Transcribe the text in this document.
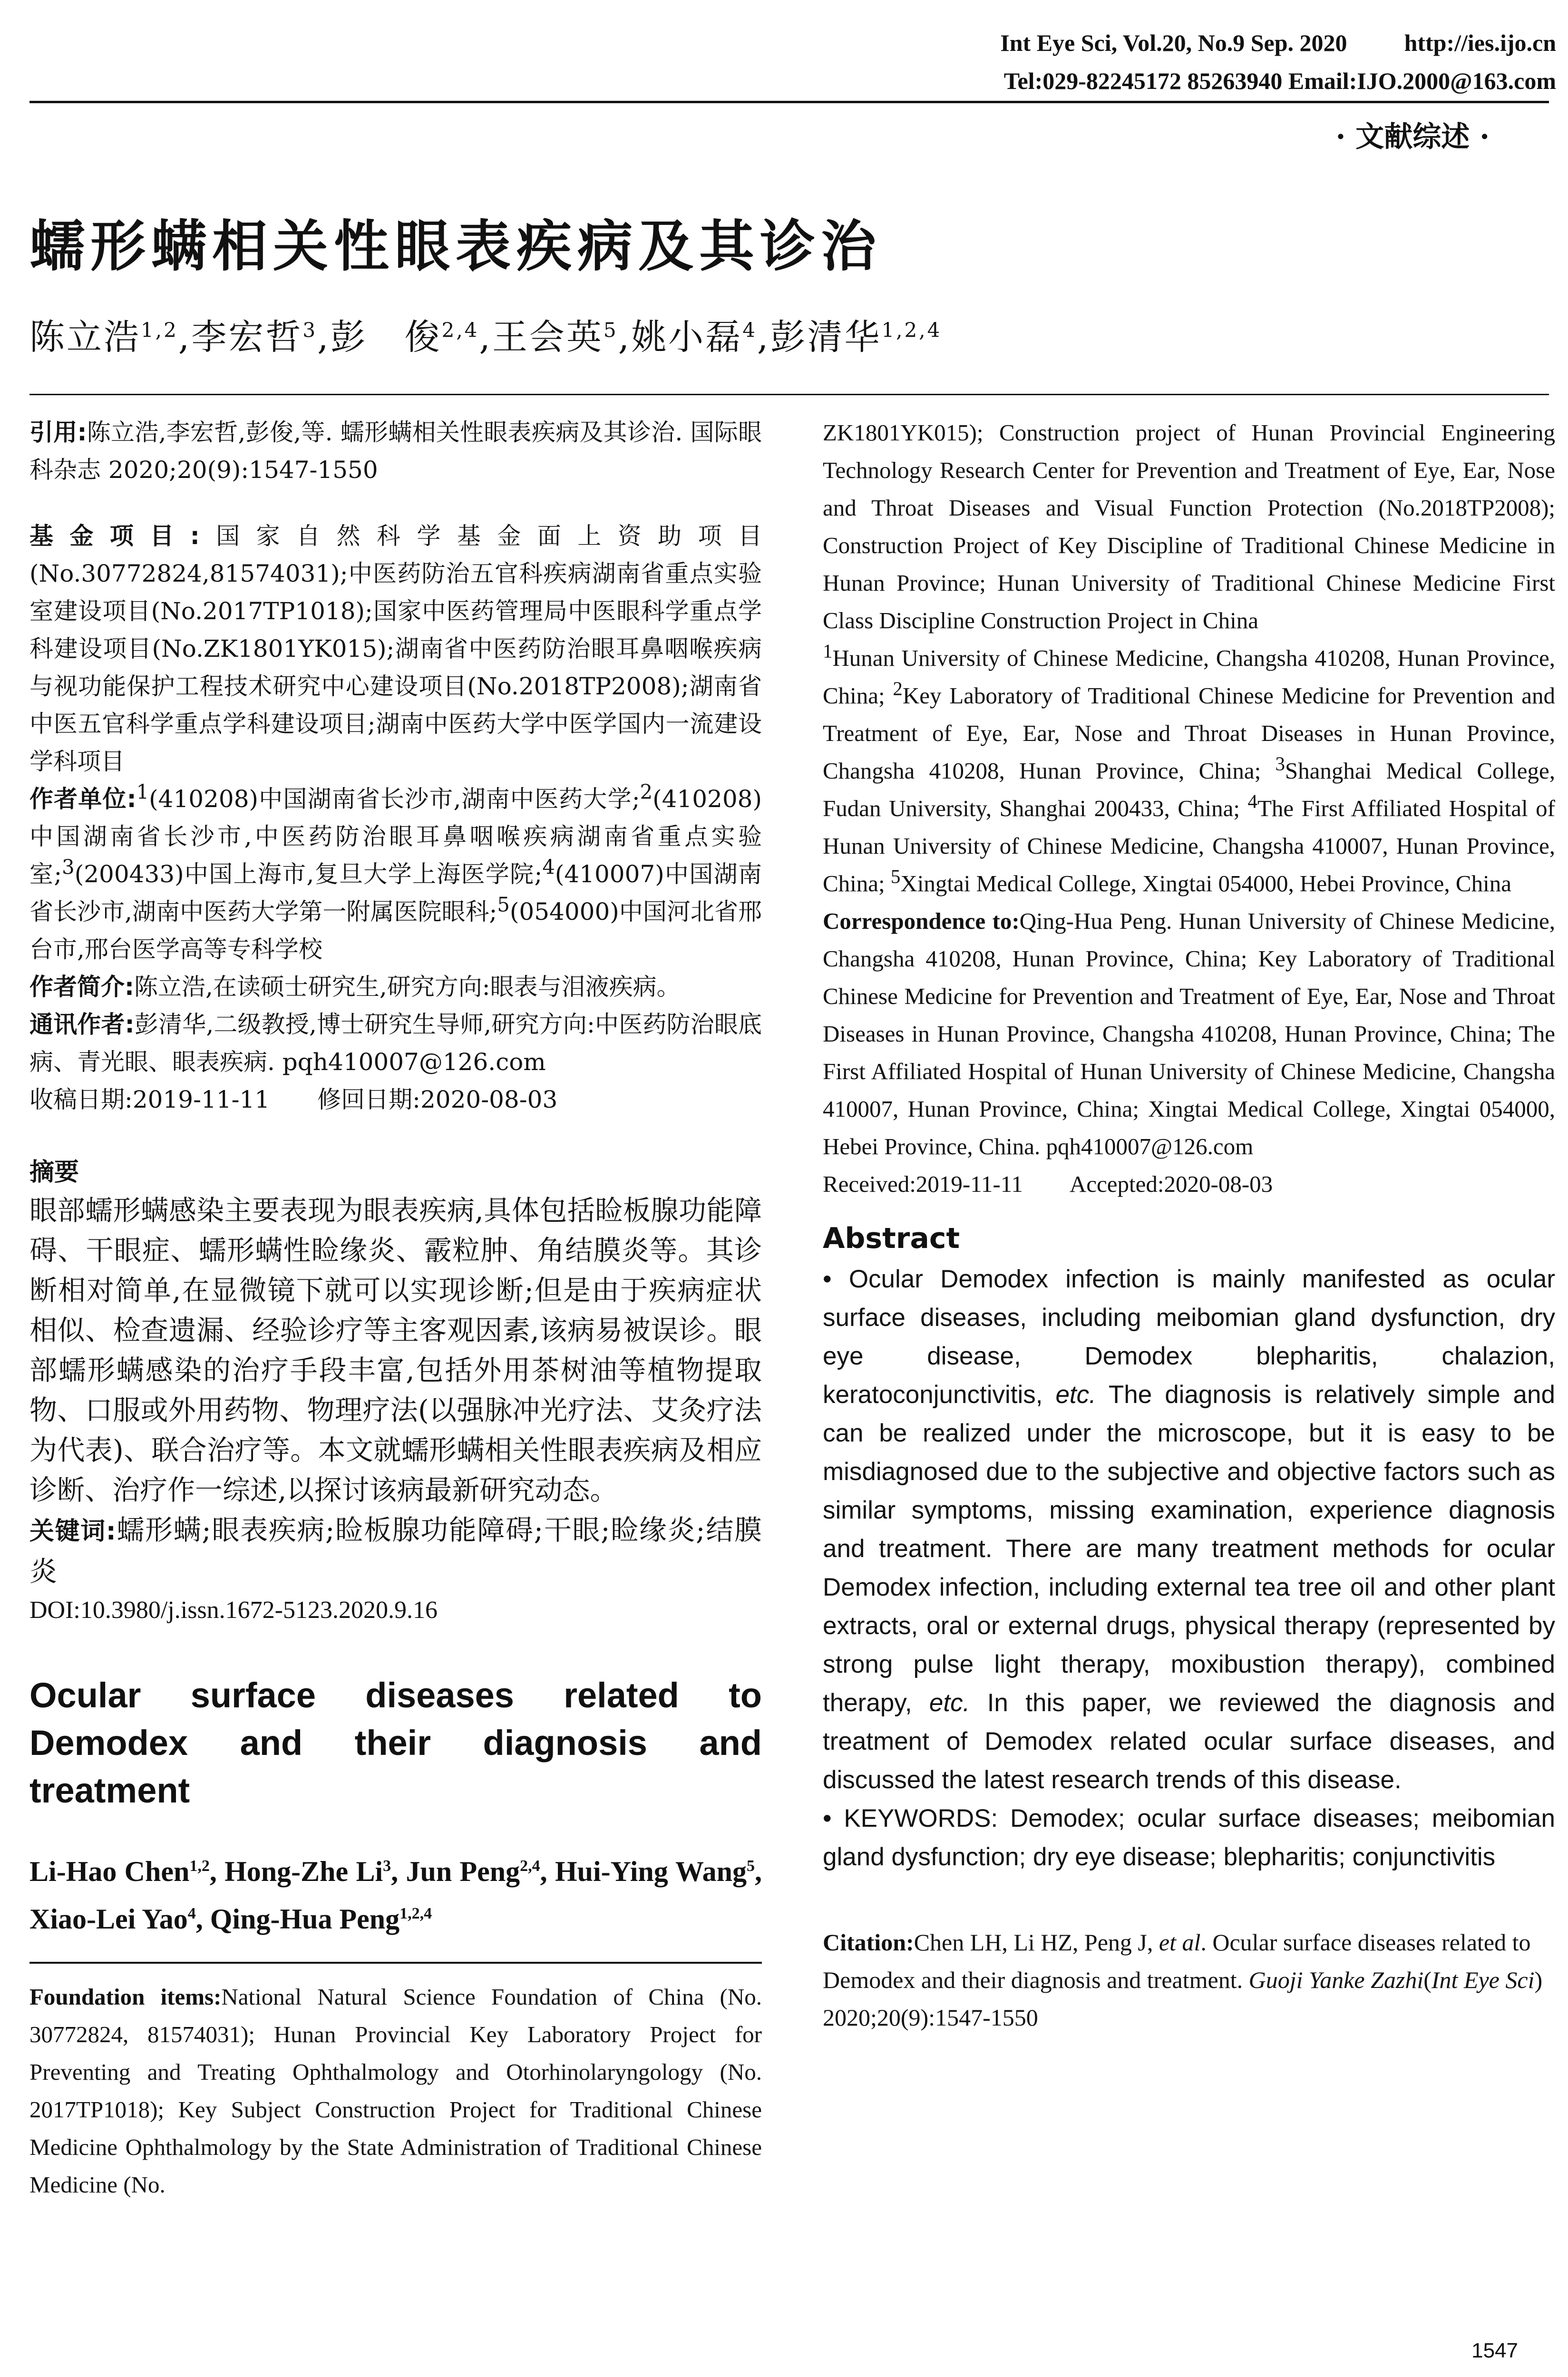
Int Eye Sci, Vol.20, No.9 Sep. 2020 http://ies.ijo.cn
Tel:029-82245172 85263940 Email:IJO.2000@163.com
· 文献综述 ·
蠕形螨相关性眼表疾病及其诊治
陈立浩$^{1,2}$,李宏哲$^3$,彭　俊$^{2,4}$,王会英$^5$,姚小磊$^4$,彭清华$^{1,2,4}$

引用:陈立浩,李宏哲,彭俊,等. 蠕形螨相关性眼表疾病及其诊治. 国际眼科杂志 2020;20(9):1547-1550

基金项目:国家自然科学基金面上资助项目(No.30772824,81574031);中医药防治五官科疾病湖南省重点实验室建设项目(No.2017TP1018);国家中医药管理局中医眼科学重点学科建设项目(No.ZK1801YK015);湖南省中医药防治眼耳鼻咽喉疾病与视功能保护工程技术研究中心建设项目(No.2018TP2008);湖南省中医五官科学重点学科建设项目;湖南中医药大学中医学国内一流建设学科项目

作者单位:$^1$(410208)中国湖南省长沙市,湖南中医药大学;$^2$(410208)中国湖南省长沙市,中医药防治眼耳鼻咽喉疾病湖南省重点实验室;$^3$(200433)中国上海市,复旦大学上海医学院;$^4$(410007)中国湖南省长沙市,湖南中医药大学第一附属医院眼科;$^5$(054000)中国河北省邢台市,邢台医学高等专科学校

作者简介:陈立浩,在读硕士研究生,研究方向:眼表与泪液疾病。

通讯作者:彭清华,二级教授,博士研究生导师,研究方向:中医药防治眼底病、青光眼、眼表疾病. pqh410007@126.com

收稿日期:2019-11-11　　修回日期:2020-08-03

摘要

眼部蠕形螨感染主要表现为眼表疾病,具体包括睑板腺功能障碍、干眼症、蠕形螨性睑缘炎、霰粒肿、角结膜炎等。其诊断相对简单,在显微镜下就可以实现诊断;但是由于疾病症状相似、检查遗漏、经验诊疗等主客观因素,该病易被误诊。眼部蠕形螨感染的治疗手段丰富,包括外用茶树油等植物提取物、口服或外用药物、物理疗法(以强脉冲光疗法、艾灸疗法为代表)、联合治疗等。本文就蠕形螨相关性眼表疾病及相应诊断、治疗作一综述,以探讨该病最新研究动态。

关键词:蠕形螨;眼表疾病;睑板腺功能障碍;干眼;睑缘炎;结膜炎

DOI:10.3980/j.issn.1672-5123.2020.9.16

Ocular surface diseases related to Demodex and their diagnosis and treatment

Li-Hao Chen$^{1,2}$, Hong-Zhe Li$^3$, Jun Peng$^{2,4}$, Hui-Ying Wang$^5$, Xiao-Lei Yao$^4$, Qing-Hua Peng$^{1,2,4}$

Foundation items:National Natural Science Foundation of China (No. 30772824, 81574031); Hunan Provincial Key Laboratory Project for Preventing and Treating Ophthalmology and Otorhinolaryngology (No. 2017TP1018); Key Subject Construction Project for Traditional Chinese Medicine Ophthalmology by the State Administration of Traditional Chinese Medicine (No.

ZK1801YK015); Construction project of Hunan Provincial Engineering Technology Research Center for Prevention and Treatment of Eye, Ear, Nose and Throat Diseases and Visual Function Protection (No.2018TP2008); Construction Project of Key Discipline of Traditional Chinese Medicine in Hunan Province; Hunan University of Traditional Chinese Medicine First Class Discipline Construction Project in China

$^1$Hunan University of Chinese Medicine, Changsha 410208, Hunan Province, China; $^2$Key Laboratory of Traditional Chinese Medicine for Prevention and Treatment of Eye, Ear, Nose and Throat Diseases in Hunan Province, Changsha 410208, Hunan Province, China; $^3$Shanghai Medical College, Fudan University, Shanghai 200433, China; $^4$The First Affiliated Hospital of Hunan University of Chinese Medicine, Changsha 410007, Hunan Province, China; $^5$Xingtai Medical College, Xingtai 054000, Hebei Province, China

Correspondence to:Qing-Hua Peng. Hunan University of Chinese Medicine, Changsha 410208, Hunan Province, China; Key Laboratory of Traditional Chinese Medicine for Prevention and Treatment of Eye, Ear, Nose and Throat Diseases in Hunan Province, Changsha 410208, Hunan Province, China; The First Affiliated Hospital of Hunan University of Chinese Medicine, Changsha 410007, Hunan Province, China; Xingtai Medical College, Xingtai 054000, Hebei Province, China. pqh410007@126.com

Received:2019-11-11　　Accepted:2020-08-03

Abstract

• Ocular Demodex infection is mainly manifested as ocular surface diseases, including meibomian gland dysfunction, dry eye disease, Demodex blepharitis, chalazion, keratoconjunctivitis, etc. The diagnosis is relatively simple and can be realized under the microscope, but it is easy to be misdiagnosed due to the subjective and objective factors such as similar symptoms, missing examination, experience diagnosis and treatment. There are many treatment methods for ocular Demodex infection, including external tea tree oil and other plant extracts, oral or external drugs, physical therapy (represented by strong pulse light therapy, moxibustion therapy), combined therapy, etc. In this paper, we reviewed the diagnosis and treatment of Demodex related ocular surface diseases, and discussed the latest research trends of this disease.

• KEYWORDS: Demodex; ocular surface diseases; meibomian gland dysfunction; dry eye disease; blepharitis; conjunctivitis

Citation:Chen LH, Li HZ, Peng J, et al. Ocular surface diseases related to Demodex and their diagnosis and treatment. Guoji Yanke Zazhi(Int Eye Sci) 2020;20(9):1547-1550

1547
